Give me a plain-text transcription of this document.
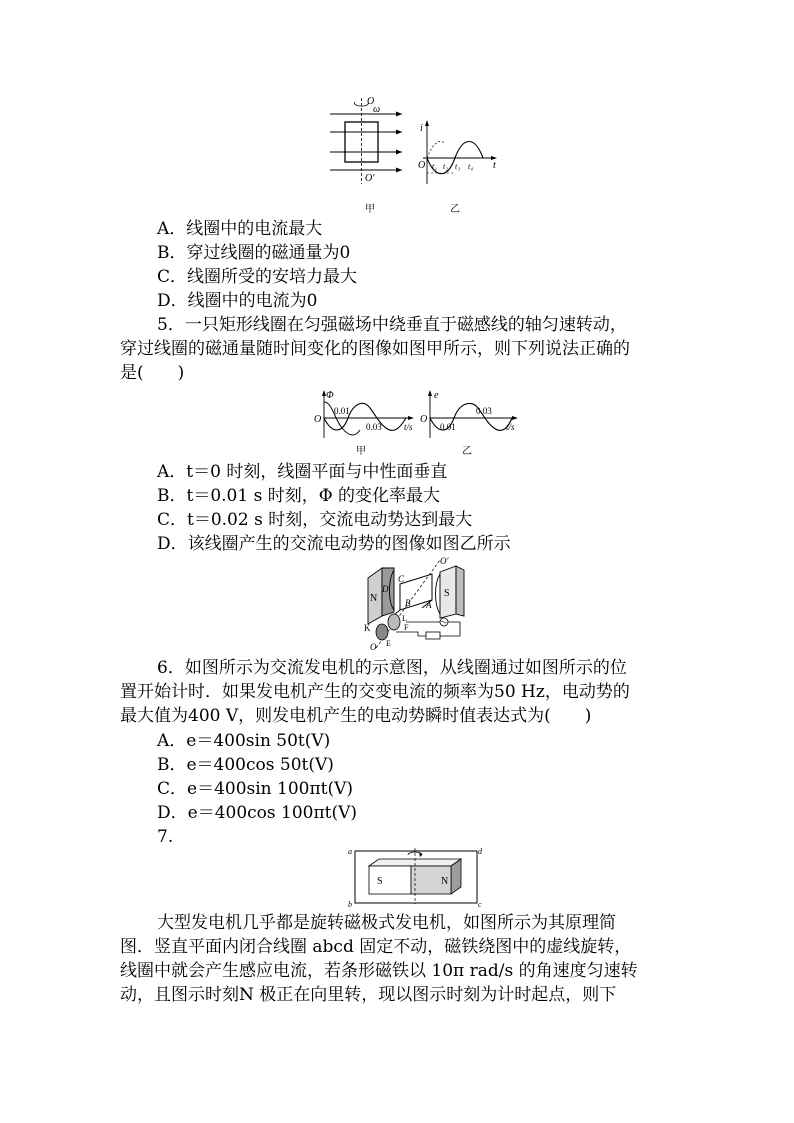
O
ω
O′
i
O	t
t₁ t₂ t₃ t₄
甲	乙
A．线圈中的电流最大
B．穿过线圈的磁通量为0
C．线圈所受的安培力最大
D．线圈中的电流为0
5．一只矩形线圈在匀强磁场中绕垂直于磁感线的轴匀速转动，
穿过线圈的磁通量随时间变化的图像如图甲所示，则下列说法正确的
是(　　)
Φ
O
0.01
0.03 t/s
甲
e
O
0.03
0.01	t/s
乙
A．t＝0 时刻，线圈平面与中性面垂直
B．t＝0.01 s 时刻，Φ 的变化率最大
C．t＝0.02 s 时刻，交流电动势达到最大
D．该线圈产生的交流电动势的图像如图乙所示
N
D	S
C
A
B
O′
K
L
E
F
O
6．如图所示为交流发电机的示意图，从线圈通过如图所示的位
置开始计时．如果发电机产生的交变电流的频率为50 Hz，电动势的
最大值为400 V，则发电机产生的电动势瞬时值表达式为(　　)
A．e＝400sin 50t(V)
B．e＝400cos 50t(V)
C．e＝400sin 100πt(V)
D．e＝400cos 100πt(V)
7.
a	d
b	c
S	N
大型发电机几乎都是旋转磁极式发电机，如图所示为其原理简
图．竖直平面内闭合线圈 abcd 固定不动，磁铁绕图中的虚线旋转，
线圈中就会产生感应电流，若条形磁铁以 10π rad/s 的角速度匀速转
动，且图示时刻N 极正在向里转，现以图示时刻为计时起点，则下
